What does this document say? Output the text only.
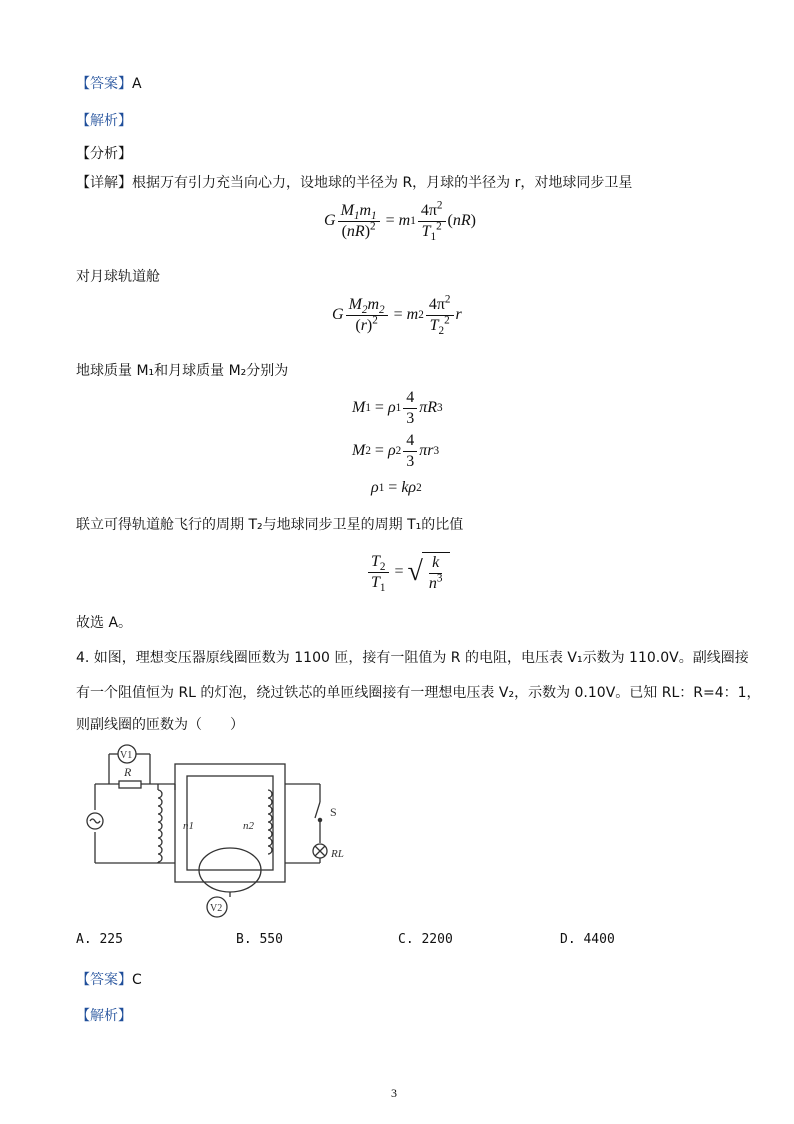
【答案】A
【解析】
【分析】
【详解】根据万有引力充当向心力，设地球的半径为 R，月球的半径为 r，对地球同步卫星
G $\frac{M_1m_1}{(nR)^2} = m$ $1 \frac{4\pi^2}{T_1^2}$ ( nR )
对月球轨道舱
G $\frac{M_2m_2}{(r)^2} = m$ $2 \frac{4\pi^2}{T_2^2}$ r
地球质量 M₁和月球质量 M₂分别为
M 1 = ρ $1 \frac{4}{3}$ πR 3
M 2 = ρ $2 \frac{4}{3}$ πr 3
ρ 1 = kρ 2
联立可得轨道舱飞行的周期 T₂与地球同步卫星的周期 T₁的比值
$\frac{T_2}{T_1}$ = √ $\frac{k}{n^3}$
故选 A。
4. 如图，理想变压器原线圈匝数为 1100 匝，接有一阻值为 R 的电阻，电压表 V₁示数为 110.0V。副线圈接
有一个阻值恒为 RL 的灯泡，绕过铁芯的单匝线圈接有一理想电压表 V₂，示数为 0.10V。已知 RL：R=4：1，
则副线圈的匝数为（　　）
R
V1
n1	n2
S
RL
V2
A. 225	B. 550	C. 2200	D. 4400
【答案】C
【解析】
3
